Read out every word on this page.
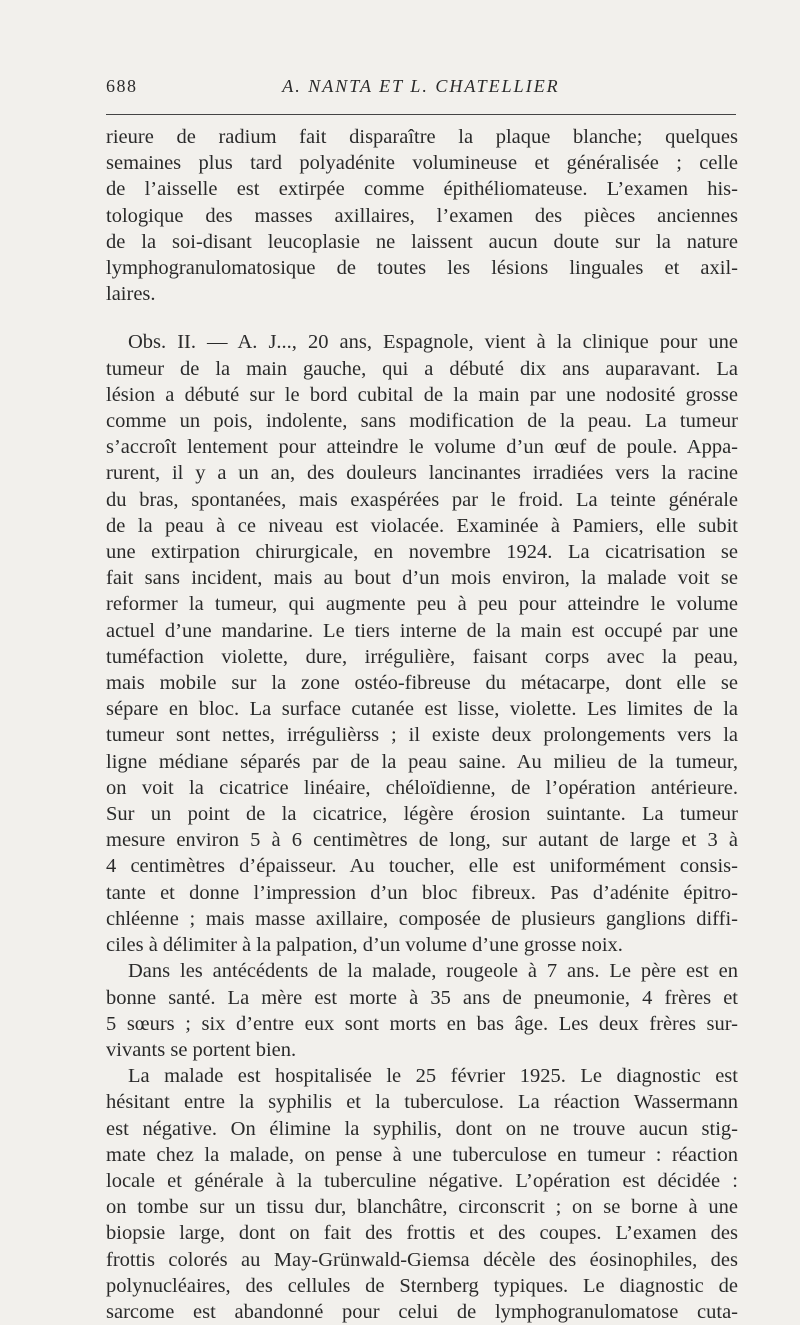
688	A. NANTA ET L. CHATELLIER

rieure de radium fait disparaître la plaque blanche; quelques
semaines plus tard polyadénite volumineuse et généralisée ; celle
de l’aisselle est extirpée comme épithéliomateuse. L’examen his-
tologique des masses axillaires, l’examen des pièces anciennes
de la soi-disant leucoplasie ne laissent aucun doute sur la nature
lymphogranulomatosique de toutes les lésions linguales et axil-
laires.

Obs. II. — A. J..., 20 ans, Espagnole, vient à la clinique pour une
tumeur de la main gauche, qui a débuté dix ans auparavant. La
lésion a débuté sur le bord cubital de la main par une nodosité grosse
comme un pois, indolente, sans modification de la peau. La tumeur
s’accroît lentement pour atteindre le volume d’un œuf de poule. Appa-
rurent, il y a un an, des douleurs lancinantes irradiées vers la racine
du bras, spontanées, mais exaspérées par le froid. La teinte générale
de la peau à ce niveau est violacée. Examinée à Pamiers, elle subit
une extirpation chirurgicale, en novembre 1924. La cicatrisation se
fait sans incident, mais au bout d’un mois environ, la malade voit se
reformer la tumeur, qui augmente peu à peu pour atteindre le volume
actuel d’une mandarine. Le tiers interne de la main est occupé par une
tuméfaction violette, dure, irrégulière, faisant corps avec la peau,
mais mobile sur la zone ostéo-fibreuse du métacarpe, dont elle se
sépare en bloc. La surface cutanée est lisse, violette. Les limites de la
tumeur sont nettes, irrégulièrss ; il existe deux prolongements vers la
ligne médiane séparés par de la peau saine. Au milieu de la tumeur,
on voit la cicatrice linéaire, chéloïdienne, de l’opération antérieure.
Sur un point de la cicatrice, légère érosion suintante. La tumeur
mesure environ 5 à 6 centimètres de long, sur autant de large et 3 à
4 centimètres d’épaisseur. Au toucher, elle est uniformément consis-
tante et donne l’impression d’un bloc fibreux. Pas d’adénite épitro-
chléenne ; mais masse axillaire, composée de plusieurs ganglions diffi-
ciles à délimiter à la palpation, d’un volume d’une grosse noix.

Dans les antécédents de la malade, rougeole à 7 ans. Le père est en
bonne santé. La mère est morte à 35 ans de pneumonie, 4 frères et
5 sœurs ; six d’entre eux sont morts en bas âge. Les deux frères sur-
vivants se portent bien.

La malade est hospitalisée le 25 février 1925. Le diagnostic est
hésitant entre la syphilis et la tuberculose. La réaction Wassermann
est négative. On élimine la syphilis, dont on ne trouve aucun stig-
mate chez la malade, on pense à une tuberculose en tumeur : réaction
locale et générale à la tuberculine négative. L’opération est décidée :
on tombe sur un tissu dur, blanchâtre, circonscrit ; on se borne à une
biopsie large, dont on fait des frottis et des coupes. L’examen des
frottis colorés au May-Grünwald-Giemsa décèle des éosinophiles, des
polynucléaires, des cellules de Sternberg typiques. Le diagnostic de
sarcome est abandonné pour celui de lymphogranulomatose cuta-
